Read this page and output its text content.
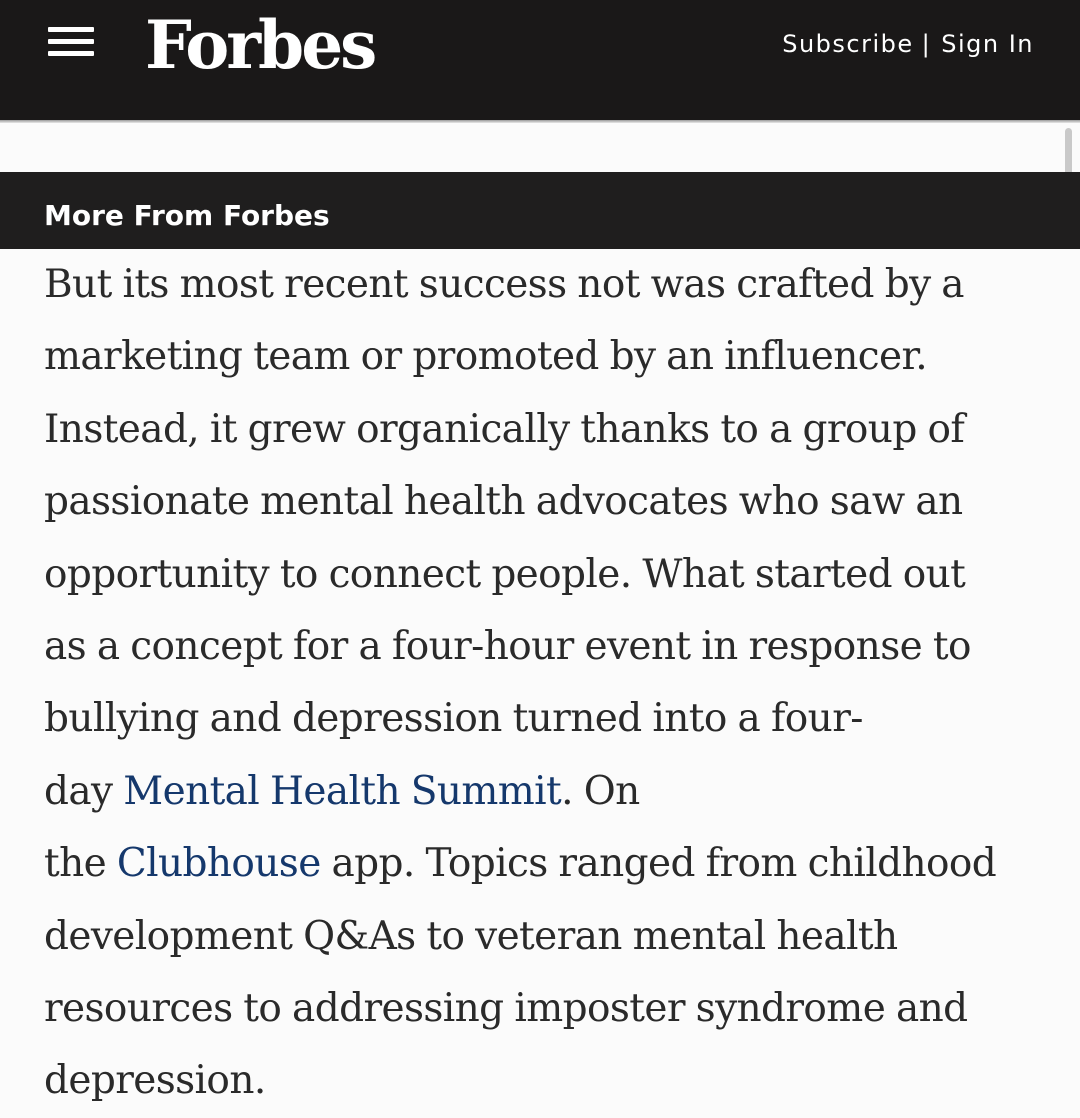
Forbes	Subscribe | Sign In
More From Forbes
But its most recent success not was crafted by a
marketing team or promoted by an influencer.
Instead, it grew organically thanks to a group of
passionate mental health advocates who saw an
opportunity to connect people. What started out
as a concept for a four-hour event in response to
bullying and depression turned into a four-
day Mental Health Summit. On
the Clubhouse app. Topics ranged from childhood
development Q&As to veteran mental health
resources to addressing imposter syndrome and
depression.
